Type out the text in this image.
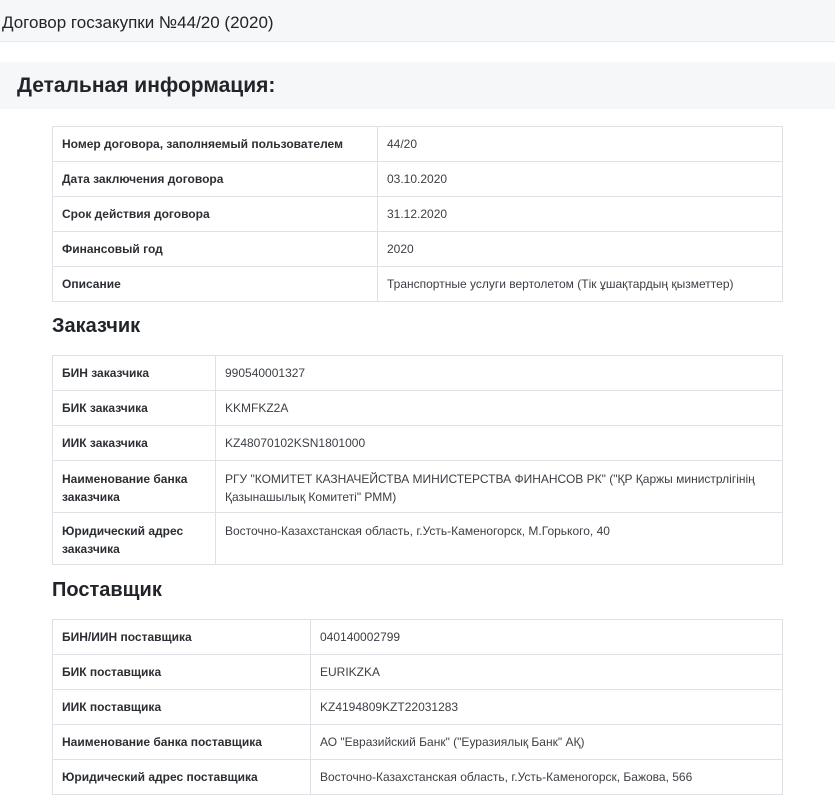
Договор госзакупки №44/20 (2020)
Детальная информация:
Номер договора, заполняемый пользователем	44/20
Дата заключения договора	03.10.2020
Срок действия договора	31.12.2020
Финансовый год	2020
Описание	Транспортные услуги вертолетом (Тік ұшақтардың қызметтер)
Заказчик
БИН заказчика	990540001327
БИК заказчика	KKMFKZ2A
ИИК заказчика	KZ48070102KSN1801000
Наименование банка заказчика	РГУ "КОМИТЕТ КАЗНАЧЕЙСТВА МИНИСТЕРСТВА ФИНАНСОВ РК" ("ҚР Қаржы министрлігінің Қазынашылық Комитеті" РММ)
Юридический адрес заказчика	Восточно-Казахстанская область, г.Усть-Каменогорск, М.Горького, 40
Поставщик
БИН/ИИН поставщика	040140002799
БИК поставщика	EURIKZKA
ИИК поставщика	KZ4194809KZT22031283
Наименование банка поставщика	АО "Евразийский Банк" ("Еуразиялық Банк" АҚ)
Юридический адрес поставщика	Восточно-Казахстанская область, г.Усть-Каменогорск, Бажова, 566
